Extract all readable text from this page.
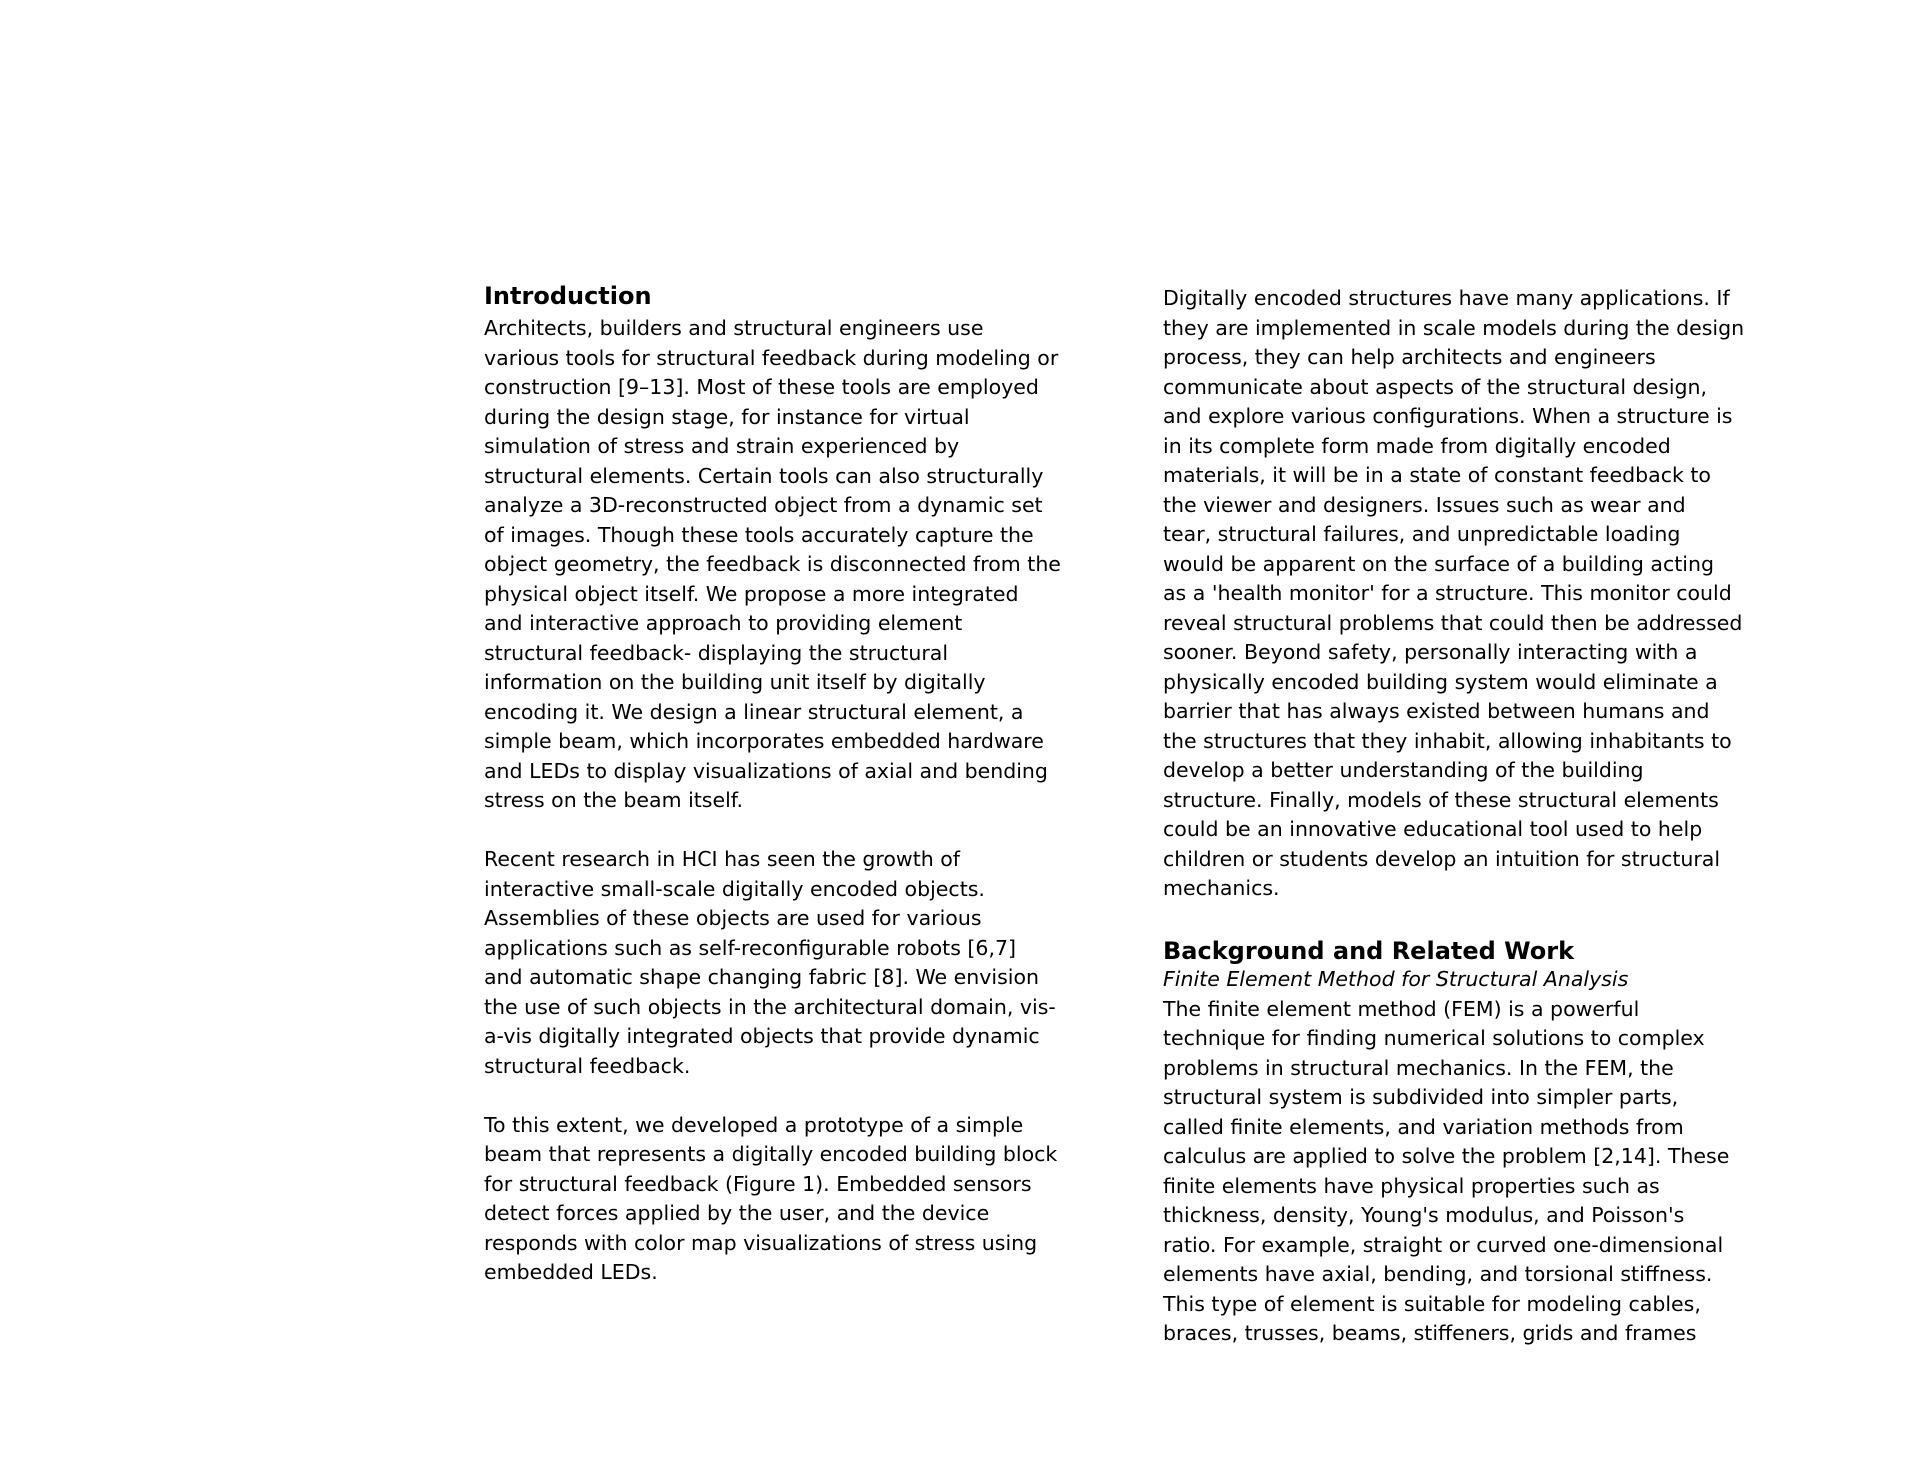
Introduction

Architects, builders and structural engineers use

various tools for structural feedback during modeling or

construction [9–13]. Most of these tools are employed

during the design stage, for instance for virtual

simulation of stress and strain experienced by

structural elements. Certain tools can also structurally

analyze a 3D-reconstructed object from a dynamic set

of images. Though these tools accurately capture the

object geometry, the feedback is disconnected from the

physical object itself. We propose a more integrated

and interactive approach to providing element

structural feedback- displaying the structural

information on the building unit itself by digitally

encoding it. We design a linear structural element, a

simple beam, which incorporates embedded hardware

and LEDs to display visualizations of axial and bending

stress on the beam itself.

Recent research in HCI has seen the growth of

interactive small-scale digitally encoded objects.

Assemblies of these objects are used for various

applications such as self-reconfigurable robots [6,7]

and automatic shape changing fabric [8]. We envision

the use of such objects in the architectural domain, vis-

a-vis digitally integrated objects that provide dynamic

structural feedback.

To this extent, we developed a prototype of a simple

beam that represents a digitally encoded building block

for structural feedback (Figure 1). Embedded sensors

detect forces applied by the user, and the device

responds with color map visualizations of stress using

embedded LEDs.

Digitally encoded structures have many applications. If

they are implemented in scale models during the design

process, they can help architects and engineers

communicate about aspects of the structural design,

and explore various configurations. When a structure is

in its complete form made from digitally encoded

materials, it will be in a state of constant feedback to

the viewer and designers. Issues such as wear and

tear, structural failures, and unpredictable loading

would be apparent on the surface of a building acting

as a 'health monitor' for a structure. This monitor could

reveal structural problems that could then be addressed

sooner. Beyond safety, personally interacting with a

physically encoded building system would eliminate a

barrier that has always existed between humans and

the structures that they inhabit, allowing inhabitants to

develop a better understanding of the building

structure. Finally, models of these structural elements

could be an innovative educational tool used to help

children or students develop an intuition for structural

mechanics.

Background and Related Work

Finite Element Method for Structural Analysis

The finite element method (FEM) is a powerful

technique for finding numerical solutions to complex

problems in structural mechanics. In the FEM, the

structural system is subdivided into simpler parts,

called finite elements, and variation methods from

calculus are applied to solve the problem [2,14]. These

finite elements have physical properties such as

thickness, density, Young's modulus, and Poisson's

ratio. For example, straight or curved one-dimensional

elements have axial, bending, and torsional stiffness.

This type of element is suitable for modeling cables,

braces, trusses, beams, stiffeners, grids and frames
